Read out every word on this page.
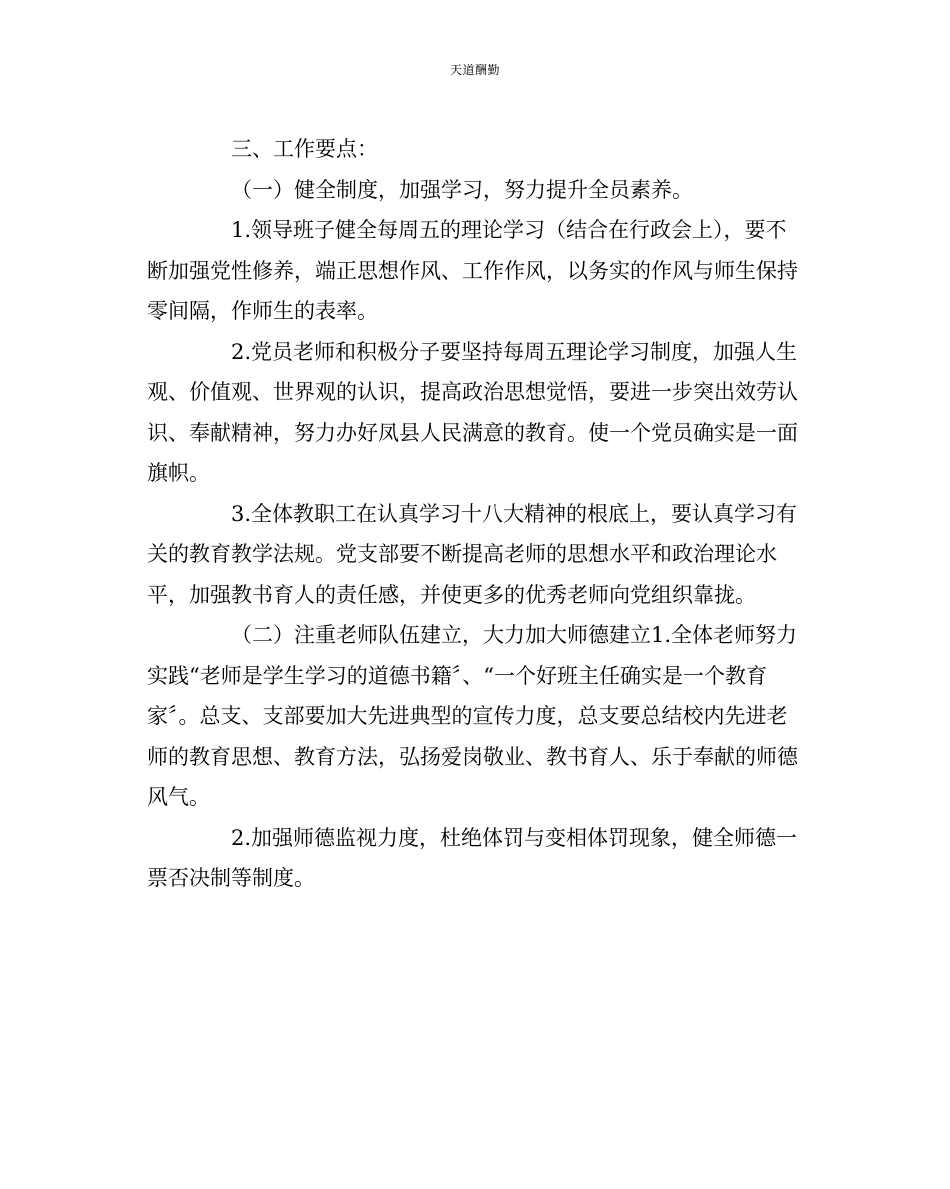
天道酬勤

三、工作要点：

（一）健全制度，加强学习，努力提升全员素养。

1.领导班子健全每周五的理论学习（结合在行政会上），要不断加强党性修养，端正思想作风、工作作风，以务实的作风与师生保持零间隔，作师生的表率。

2.党员老师和积极分子要坚持每周五理论学习制度，加强人生观、价值观、世界观的认识，提高政治思想觉悟，要进一步突出效劳认识、奉献精神，努力办好凤县人民满意的教育。使一个党员确实是一面旗帜。

3.全体教职工在认真学习十八大精神的根底上，要认真学习有关的教育教学法规。党支部要不断提高老师的思想水平和政治理论水平，加强教书育人的责任感，并使更多的优秀老师向党组织靠拢。

（二）注重老师队伍建立，大力加大师德建立1.全体老师努力实践“老师是学生学习的道德书籍〞、“一个好班主任确实是一个教育家〞。总支、支部要加大先进典型的宣传力度，总支要总结校内先进老师的教育思想、教育方法，弘扬爱岗敬业、教书育人、乐于奉献的师德风气。

2.加强师德监视力度，杜绝体罚与变相体罚现象，健全师德一票否决制等制度。
